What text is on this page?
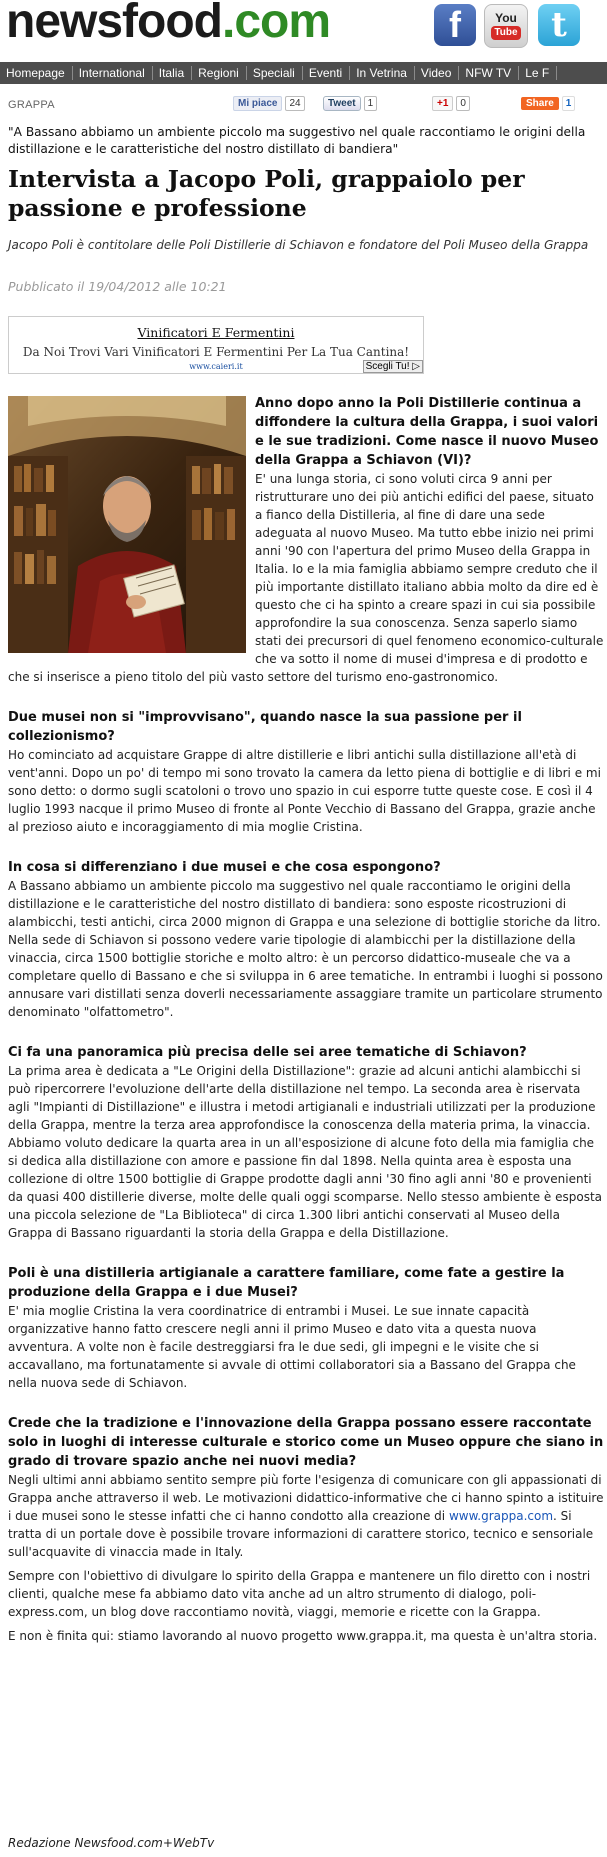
newsfood.com	f	You
Tube t
Homepage	International	Italia	Regioni	Speciali	Eventi	In Vetrina	Video	NFW TV	Le F
GRAPPA	Mi piace	24	Tweet	1	+1	0	Share	1

"A Bassano abbiamo un ambiente piccolo ma suggestivo nel quale raccontiamo le origini della distillazione e le caratteristiche del nostro distillato di bandiera"

Intervista a Jacopo Poli, grappaiolo per passione e professione

Jacopo Poli è contitolare delle Poli Distillerie di Schiavon e fondatore del Poli Museo della Grappa

Pubblicato il 19/04/2012 alle 10:21
Vinificatori E Fermentini
Da Noi Trovi Vari Vinificatori E Fermentini Per La Tua Cantina!
www.caieri.it	Scegli Tu! ▷

Anno dopo anno la Poli Distillerie continua a diffondere la cultura della Grappa, i suoi valori e le sue tradizioni. Come nasce il nuovo Museo della Grappa a Schiavon (VI)?

E' una lunga storia, ci sono voluti circa 9 anni per ristrutturare uno dei più antichi edifici del paese, situato a fianco della Distilleria, al fine di dare una sede adeguata al nuovo Museo. Ma tutto ebbe inizio nei primi anni '90 con l'apertura del primo Museo della Grappa in Italia. Io e la mia famiglia abbiamo sempre creduto che il più importante distillato italiano abbia molto da dire ed è questo che ci ha spinto a creare spazi in cui sia possibile approfondire la sua conoscenza. Senza saperlo siamo stati dei precursori di quel fenomeno economico-culturale che va sotto il nome di musei d'impresa e di prodotto e che si inserisce a pieno titolo del più vasto settore del turismo eno-gastronomico.

Due musei non si "improvvisano", quando nasce la sua passione per il collezionismo?

Ho cominciato ad acquistare Grappe di altre distillerie e libri antichi sulla distillazione all'età di vent'anni. Dopo un po' di tempo mi sono trovato la camera da letto piena di bottiglie e di libri e mi sono detto: o dormo sugli scatoloni o trovo uno spazio in cui esporre tutte queste cose. E così il 4 luglio 1993 nacque il primo Museo di fronte al Ponte Vecchio di Bassano del Grappa, grazie anche al prezioso aiuto e incoraggiamento di mia moglie Cristina.

In cosa si differenziano i due musei e che cosa espongono?

A Bassano abbiamo un ambiente piccolo ma suggestivo nel quale raccontiamo le origini della distillazione e le caratteristiche del nostro distillato di bandiera: sono esposte ricostruzioni di alambicchi, testi antichi, circa 2000 mignon di Grappa e una selezione di bottiglie storiche da litro. Nella sede di Schiavon si possono vedere varie tipologie di alambicchi per la distillazione della vinaccia, circa 1500 bottiglie storiche e molto altro: è un percorso didattico-museale che va a completare quello di Bassano e che si sviluppa in 6 aree tematiche. In entrambi i luoghi si possono annusare vari distillati senza doverli necessariamente assaggiare tramite un particolare strumento denominato "olfattometro".

Ci fa una panoramica più precisa delle sei aree tematiche di Schiavon?

La prima area è dedicata a "Le Origini della Distillazione": grazie ad alcuni antichi alambicchi si può ripercorrere l'evoluzione dell'arte della distillazione nel tempo. La seconda area è riservata agli "Impianti di Distillazione" e illustra i metodi artigianali e industriali utilizzati per la produzione della Grappa, mentre la terza area approfondisce la conoscenza della materia prima, la vinaccia. Abbiamo voluto dedicare la quarta area in un all'esposizione di alcune foto della mia famiglia che si dedica alla distillazione con amore e passione fin dal 1898. Nella quinta area è esposta una collezione di oltre 1500 bottiglie di Grappe prodotte dagli anni '30 fino agli anni '80 e provenienti da quasi 400 distillerie diverse, molte delle quali oggi scomparse. Nello stesso ambiente è esposta una piccola selezione de "La Biblioteca" di circa 1.300 libri antichi conservati al Museo della Grappa di Bassano riguardanti la storia della Grappa e della Distillazione.

Poli è una distilleria artigianale a carattere familiare, come fate a gestire la produzione della Grappa e i due Musei?

E' mia moglie Cristina la vera coordinatrice di entrambi i Musei. Le sue innate capacità organizzative hanno fatto crescere negli anni il primo Museo e dato vita a questa nuova avventura. A volte non è facile destreggiarsi fra le due sedi, gli impegni e le visite che si accavallano, ma fortunatamente si avvale di ottimi collaboratori sia a Bassano del Grappa che nella nuova sede di Schiavon.

Crede che la tradizione e l'innovazione della Grappa possano essere raccontate solo in luoghi di interesse culturale e storico come un Museo oppure che siano in grado di trovare spazio anche nei nuovi media?

Negli ultimi anni abbiamo sentito sempre più forte l'esigenza di comunicare con gli appassionati di Grappa anche attraverso il web. Le motivazioni didattico-informative che ci hanno spinto a istituire i due musei sono le stesse infatti che ci hanno condotto alla creazione di www.grappa.com. Si tratta di un portale dove è possibile trovare informazioni di carattere storico, tecnico e sensoriale sull'acquavite di vinaccia made in Italy.

Sempre con l'obiettivo di divulgare lo spirito della Grappa e mantenere un filo diretto con i nostri clienti, qualche mese fa abbiamo dato vita anche ad un altro strumento di dialogo, poli-express.com, un blog dove raccontiamo novità, viaggi, memorie e ricette con la Grappa.

E non è finita qui: stiamo lavorando al nuovo progetto www.grappa.it, ma questa è un'altra storia.

Redazione Newsfood.com+WebTv
